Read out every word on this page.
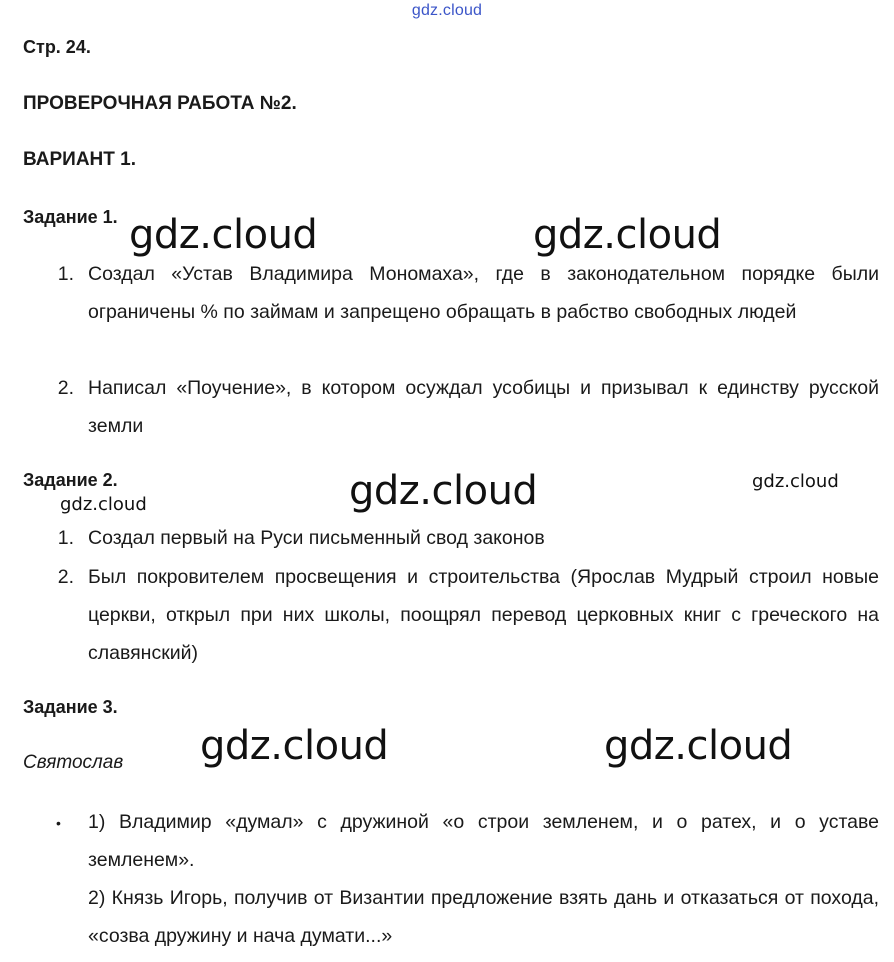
gdz.cloud
Стр. 24.
ПРОВЕРОЧНАЯ РАБОТА №2.
ВАРИАНТ 1.
Задание 1.
1. Создал «Устав Владимира Мономаха», где в законодательном порядке были ограничены % по займам и запрещено обращать в рабство свободных людей
2. Написал «Поучение», в котором осуждал усобицы и призывал к единству русской земли
Задание 2.
1. Создал первый на Руси письменный свод законов
2. Был покровителем просвещения и строительства (Ярослав Мудрый строил новые церкви, открыл при них школы, поощрял перевод церковных книг с греческого на славянский)
Задание 3.
Святослав
• 1) Владимир «думал» с дружиной «о строи земленем, и о ратех, и о уставе земленем».
2) Князь Игорь, получив от Византии предложение взять дань и отказаться от похода, «созва дружину и нача думати...»
gdz.cloud	gdz.cloud
gdz.cloud
gdz.cloud
gdz.cloud
gdz.cloud	gdz.cloud
